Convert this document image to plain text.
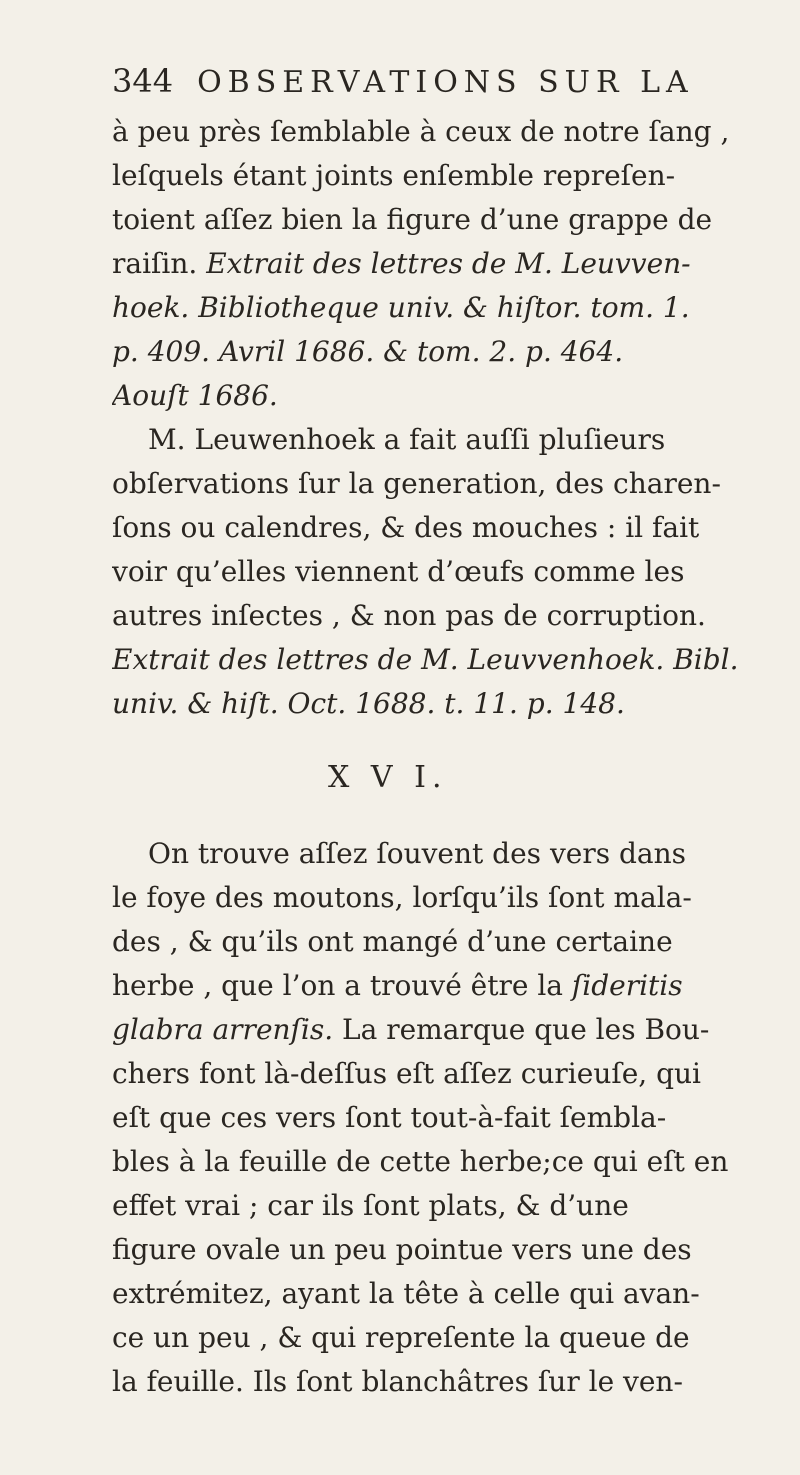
344 OBSERVATIONS SUR LA

à peu près ſemblable à ceux de notre ſang ,
leſquels étant joints enſemble repreſen-
toient aſſez bien la figure d’une grappe de
raiſin. Extrait des lettres de M. Leuvven-
hoek. Bibliotheque univ. & hiſtor. tom. 1.
p. 409. Avril 1686. & tom. 2. p. 464.
Aouſt 1686.

M. Leuwenhoek a fait auſſi pluſieurs
obſervations ſur la generation, des charen-
ſons ou calendres, & des mouches : il fait
voir qu’elles viennent d’œufs comme les
autres inſectes , & non pas de corruption.
Extrait des lettres de M. Leuvvenhoek. Bibl.
univ. & hiſt. Oct. 1688. t. 11. p. 148.

X V I.

On trouve aſſez ſouvent des vers dans
le foye des moutons, lorſqu’ils ſont mala-
des , & qu’ils ont mangé d’une certaine
herbe , que l’on a trouvé être la ſideritis
glabra arrenſis. La remarque que les Bou-
chers font là-deſſus eſt aſſez curieuſe, qui
eſt que ces vers ſont tout-à-fait ſembla-
bles à la feuille de cette herbe;ce qui eſt en
effet vrai ; car ils ſont plats, & d’une
figure ovale un peu pointue vers une des
extrémitez, ayant la tête à celle qui avan-
ce un peu , & qui repreſente la queue de
la feuille. Ils ſont blanchâtres ſur le ven-
